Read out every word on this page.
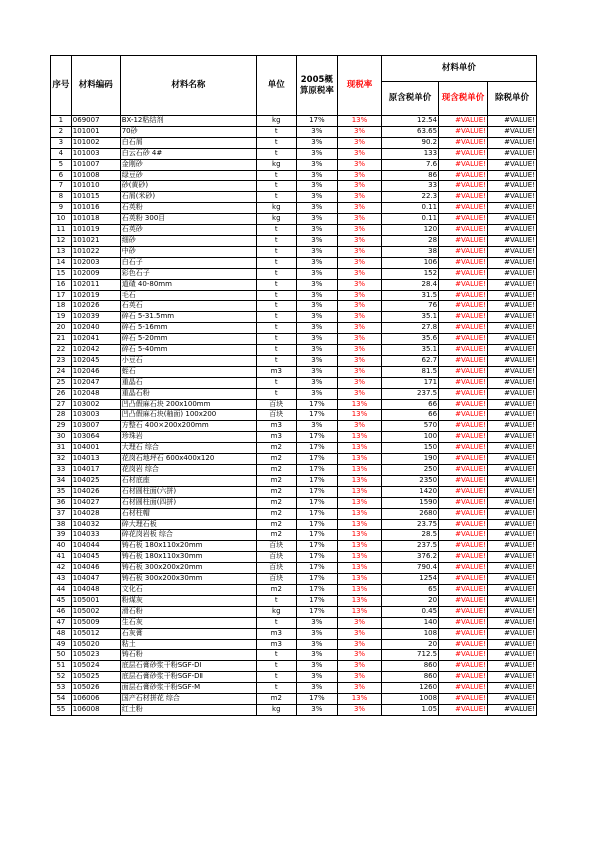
序号	材料编码	材料名称	单位	2005概算原税率	现税率	材料单价		
						原含税单价	现含税单价	除税单价
1	069007	BX-12粘结剂	kg	17%	13%	12.54	#VALUE!	#VALUE!
2	101001	70砂	t	3%	3%	63.65	#VALUE!	#VALUE!
3	101002	白石屑	t	3%	3%	90.2	#VALUE!	#VALUE!
4	101003	白云石砂 4#	t	3%	3%	133	#VALUE!	#VALUE!
5	101007	金刚砂	kg	3%	3%	7.6	#VALUE!	#VALUE!
6	101008	绿豆砂	t	3%	3%	86	#VALUE!	#VALUE!
7	101010	砂(黄砂)	t	3%	3%	33	#VALUE!	#VALUE!
8	101015	石屑(米砂)	t	3%	3%	22.3	#VALUE!	#VALUE!
9	101016	石英粉	kg	3%	3%	0.11	#VALUE!	#VALUE!
10	101018	石英粉 300目	kg	3%	3%	0.11	#VALUE!	#VALUE!
11	101019	石英砂	t	3%	3%	120	#VALUE!	#VALUE!
12	101021	细砂	t	3%	3%	28	#VALUE!	#VALUE!
13	101022	中砂	t	3%	3%	38	#VALUE!	#VALUE!
14	102003	白石子	t	3%	3%	106	#VALUE!	#VALUE!
15	102009	彩色石子	t	3%	3%	152	#VALUE!	#VALUE!
16	102011	道碴 40-80mm	t	3%	3%	28.4	#VALUE!	#VALUE!
17	102019	毛石	t	3%	3%	31.5	#VALUE!	#VALUE!
18	102026	石英石	t	3%	3%	76	#VALUE!	#VALUE!
19	102039	碎石 5-31.5mm	t	3%	3%	35.1	#VALUE!	#VALUE!
20	102040	碎石 5-16mm	t	3%	3%	27.8	#VALUE!	#VALUE!
21	102041	碎石 5-20mm	t	3%	3%	35.6	#VALUE!	#VALUE!
22	102042	碎石 5-40mm	t	3%	3%	35.1	#VALUE!	#VALUE!
23	102045	小豆石	t	3%	3%	62.7	#VALUE!	#VALUE!
24	102046	蛭石	m3	3%	3%	81.5	#VALUE!	#VALUE!
25	102047	重晶石	t	3%	3%	171	#VALUE!	#VALUE!
26	102048	重晶石粉	t	3%	3%	237.5	#VALUE!	#VALUE!
27	103002	凹凸假麻石块 200x100mm	百块	17%	13%	66	#VALUE!	#VALUE!
28	103003	凹凸假麻石块(釉面) 100x200	百块	17%	13%	66	#VALUE!	#VALUE!
29	103007	方整石 400×200x200mm	m3	3%	3%	570	#VALUE!	#VALUE!
30	103064	珍珠岩	m3	17%	13%	100	#VALUE!	#VALUE!
31	104001	大理石 综合	m2	17%	13%	150	#VALUE!	#VALUE!
32	104013	花岗石地坪石 600x400x120	m2	17%	13%	190	#VALUE!	#VALUE!
33	104017	花岗岩 综合	m2	17%	13%	250	#VALUE!	#VALUE!
34	104025	石材底座	m2	17%	13%	2350	#VALUE!	#VALUE!
35	104026	石材圆柱面(六拼)	m2	17%	13%	1420	#VALUE!	#VALUE!
36	104027	石材圆柱面(四拼)	m2	17%	13%	1590	#VALUE!	#VALUE!
37	104028	石材柱帽	m2	17%	13%	2680	#VALUE!	#VALUE!
38	104032	碎大理石板	m2	17%	13%	23.75	#VALUE!	#VALUE!
39	104033	碎花岗岩板 综合	m2	17%	13%	28.5	#VALUE!	#VALUE!
40	104044	铸石板 180x110x20mm	百块	17%	13%	237.5	#VALUE!	#VALUE!
41	104045	铸石板 180x110x30mm	百块	17%	13%	376.2	#VALUE!	#VALUE!
42	104046	铸石板 300x200x20mm	百块	17%	13%	790.4	#VALUE!	#VALUE!
43	104047	铸石板 300x200x30mm	百块	17%	13%	1254	#VALUE!	#VALUE!
44	104048	文化石	m2	17%	13%	65	#VALUE!	#VALUE!
45	105001	粉煤灰	t	17%	13%	20	#VALUE!	#VALUE!
46	105002	滑石粉	kg	17%	13%	0.45	#VALUE!	#VALUE!
47	105009	生石灰	t	3%	3%	140	#VALUE!	#VALUE!
48	105012	石灰膏	m3	3%	3%	108	#VALUE!	#VALUE!
49	105020	粘土	m3	3%	3%	20	#VALUE!	#VALUE!
50	105023	铸石粉	t	3%	3%	712.5	#VALUE!	#VALUE!
51	105024	底层石膏砂浆干粉SGF-DⅠ	t	3%	3%	860	#VALUE!	#VALUE!
52	105025	底层石膏砂浆干粉SGF-DⅡ	t	3%	3%	860	#VALUE!	#VALUE!
53	105026	面层石膏砂浆干粉SGF-M	t	3%	3%	1260	#VALUE!	#VALUE!
54	106006	国产石材拼花 综合	m2	17%	13%	1008	#VALUE!	#VALUE!
55	106008	红土粉	kg	3%	3%	1.05	#VALUE!	#VALUE!
